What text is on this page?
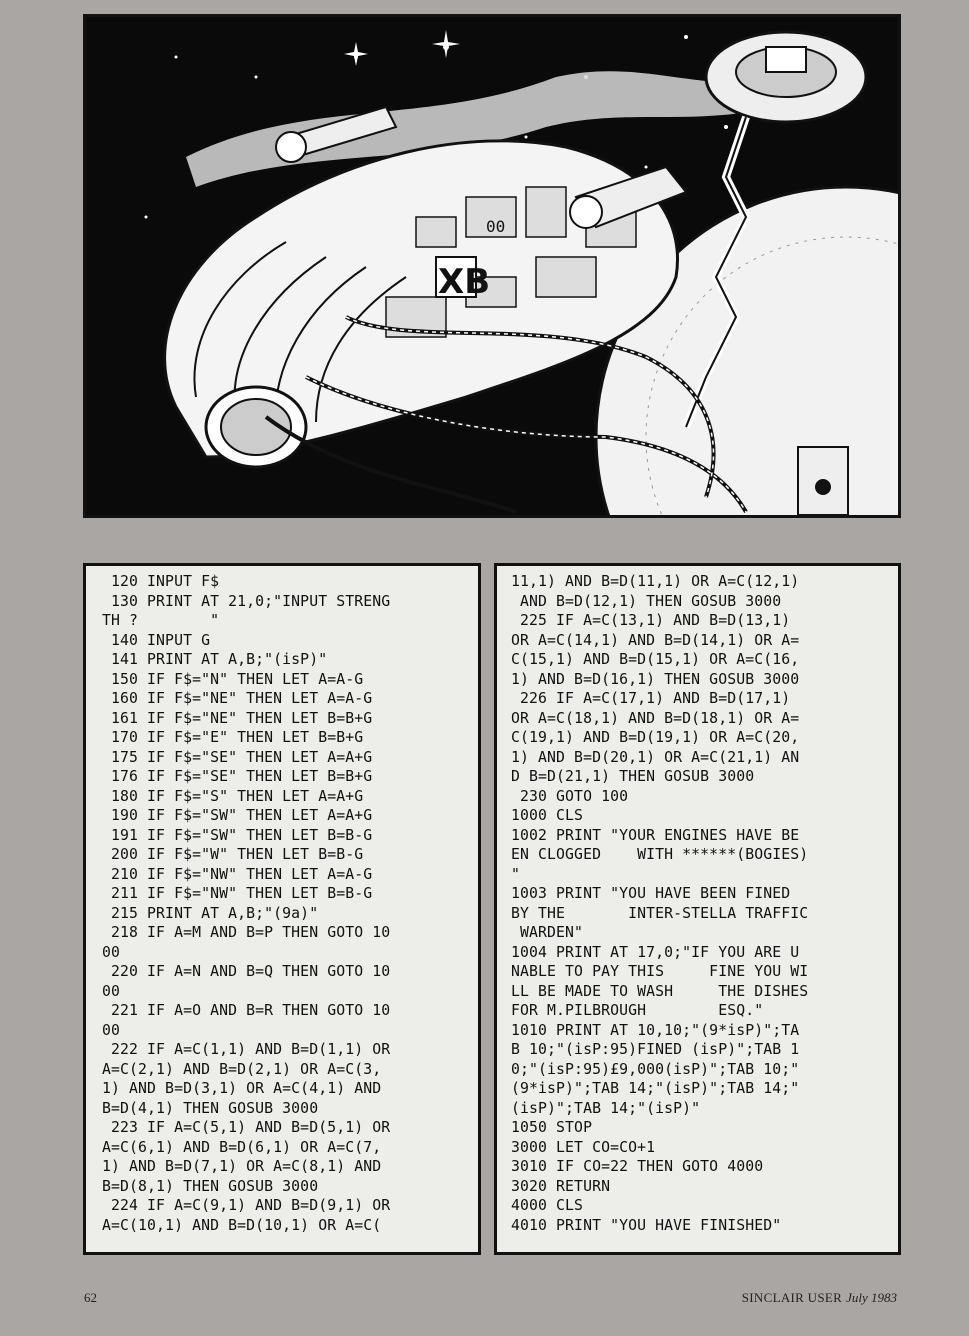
XB
00
120 INPUT F$
130 PRINT AT 21,0;"INPUT STRENG
TH ?        "
140 INPUT G
141 PRINT AT A,B;"(isP)"
150 IF F$="N" THEN LET A=A-G
160 IF F$="NE" THEN LET A=A-G
161 IF F$="NE" THEN LET B=B+G
170 IF F$="E" THEN LET B=B+G
175 IF F$="SE" THEN LET A=A+G
176 IF F$="SE" THEN LET B=B+G
180 IF F$="S" THEN LET A=A+G
190 IF F$="SW" THEN LET A=A+G
191 IF F$="SW" THEN LET B=B-G
200 IF F$="W" THEN LET B=B-G
210 IF F$="NW" THEN LET A=A-G
211 IF F$="NW" THEN LET B=B-G
215 PRINT AT A,B;"(9a)"
218 IF A=M AND B=P THEN GOTO 10
00
220 IF A=N AND B=Q THEN GOTO 10
00
221 IF A=O AND B=R THEN GOTO 10
00
222 IF A=C(1,1) AND B=D(1,1) OR
A=C(2,1) AND B=D(2,1) OR A=C(3,
1) AND B=D(3,1) OR A=C(4,1) AND
B=D(4,1) THEN GOSUB 3000
223 IF A=C(5,1) AND B=D(5,1) OR
A=C(6,1) AND B=D(6,1) OR A=C(7,
1) AND B=D(7,1) OR A=C(8,1) AND
B=D(8,1) THEN GOSUB 3000
224 IF A=C(9,1) AND B=D(9,1) OR
A=C(10,1) AND B=D(10,1) OR A=C(

11,1) AND B=D(11,1) OR A=C(12,1)
AND B=D(12,1) THEN GOSUB 3000
225 IF A=C(13,1) AND B=D(13,1)
OR A=C(14,1) AND B=D(14,1) OR A=
C(15,1) AND B=D(15,1) OR A=C(16,
1) AND B=D(16,1) THEN GOSUB 3000
226 IF A=C(17,1) AND B=D(17,1)
OR A=C(18,1) AND B=D(18,1) OR A=
C(19,1) AND B=D(19,1) OR A=C(20,
1) AND B=D(20,1) OR A=C(21,1) AN
D B=D(21,1) THEN GOSUB 3000
230 GOTO 100
1000 CLS
1002 PRINT "YOUR ENGINES HAVE BE
EN CLOGGED    WITH ******(BOGIES)
"
1003 PRINT "YOU HAVE BEEN FINED
BY THE       INTER-STELLA TRAFFIC
WARDEN"
1004 PRINT AT 17,0;"IF YOU ARE U
NABLE TO PAY THIS     FINE YOU WI
LL BE MADE TO WASH     THE DISHES
FOR M.PILBROUGH        ESQ."
1010 PRINT AT 10,10;"(9*isP)";TA
B 10;"(isP:95)FINED (isP)";TAB 1
0;"(isP:95)£9,000(isP)";TAB 10;"
(9*isP)";TAB 14;"(isP)";TAB 14;"
(isP)";TAB 14;"(isP)"
1050 STOP
3000 LET CO=CO+1
3010 IF CO=22 THEN GOTO 4000
3020 RETURN
4000 CLS
4010 PRINT "YOU HAVE FINISHED"

62	SINCLAIR USER July 1983
